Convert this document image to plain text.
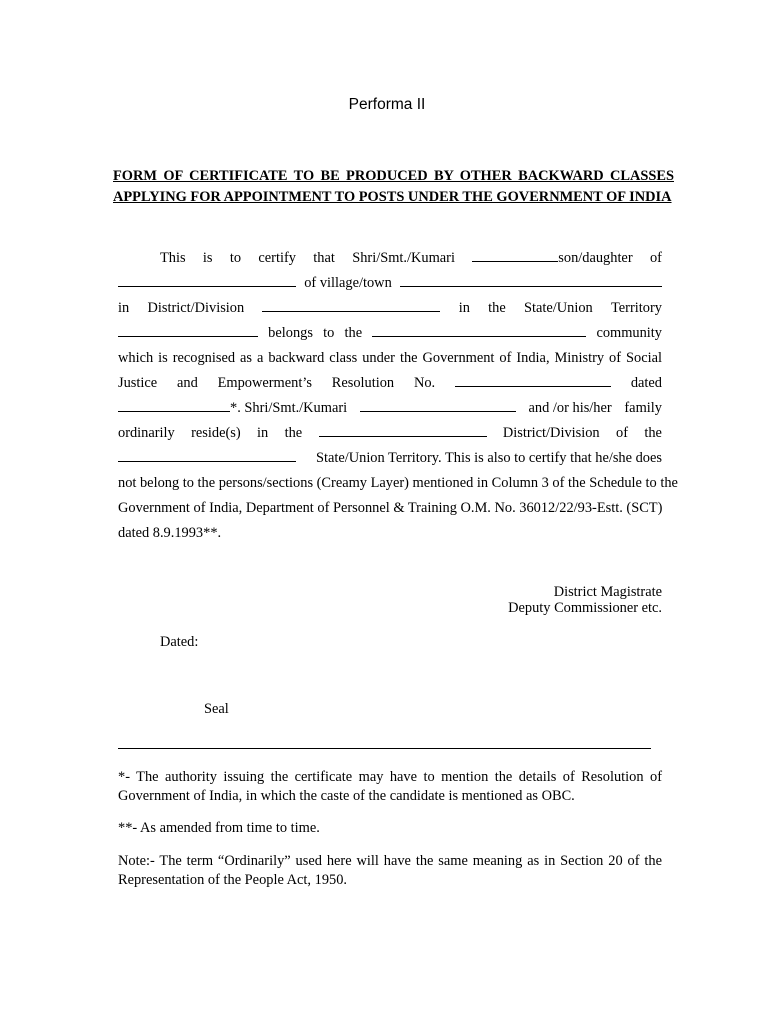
Performa II
FORM OF CERTIFICATE TO BE PRODUCED BY OTHER BACKWARD CLASSES
APPLYING FOR APPOINTMENT TO POSTS UNDER THE GOVERNMENT OF INDIA
This is to certify that Shri/Smt./Kumari	son/daughter of
of village/town
in District/Division	in the State/Union Territory
belongs to the	community
which is recognised as a backward class under the Government of India, Ministry of Social
Justice and Empowerment’s Resolution No.	dated
*. Shri/Smt./Kumari	and /or his/her family
ordinarily reside(s) in the	District/Division of the
State/Union Territory. This is also to certify that he/she does
not belong to the persons/sections (Creamy Layer) mentioned in Column 3 of the Schedule to the
Government of India, Department of Personnel & Training O.M. No. 36012/22/93-Estt. (SCT)
dated 8.9.1993**.
District Magistrate
Deputy Commissioner etc.
Dated:
Seal
*- The authority issuing the certificate may have to mention the details of Resolution of Government of India, in which the caste of the candidate is mentioned as OBC.
**- As amended from time to time.
Note:- The term “Ordinarily” used here will have the same meaning as in Section 20 of the Representation of the People Act, 1950.
